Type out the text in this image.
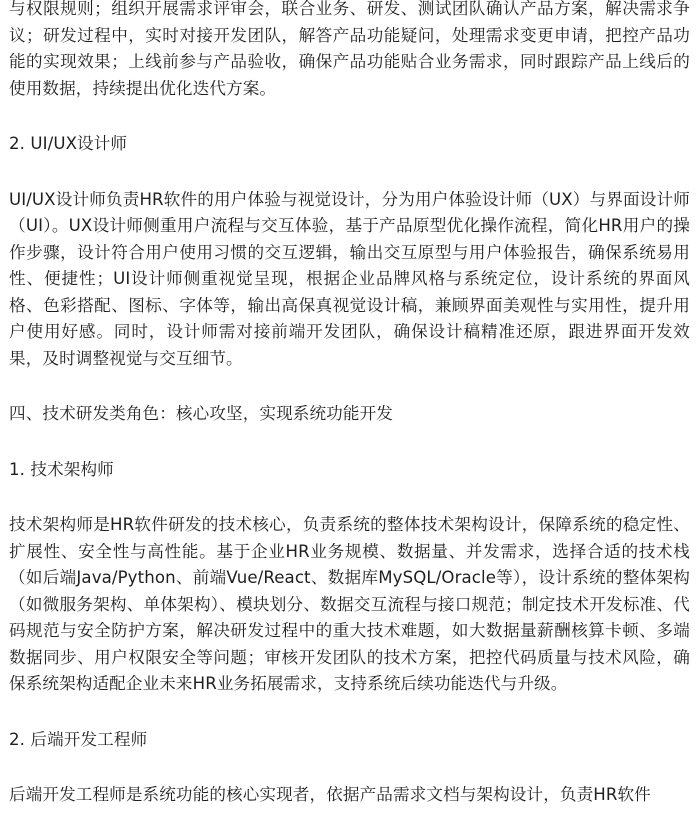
与权限规则；组织开展需求评审会，联合业务、研发、测试团队确认产品方案，解决需求争议；研发过程中，实时对接开发团队，解答产品功能疑问，处理需求变更申请，把控产品功能的实现效果；上线前参与产品验收，确保产品功能贴合业务需求，同时跟踪产品上线后的使用数据，持续提出优化迭代方案。

2. UI/UX设计师

UI/UX设计师负责HR软件的用户体验与视觉设计，分为用户体验设计师（UX）与界面设计师（UI）。UX设计师侧重用户流程与交互体验，基于产品原型优化操作流程，简化HR用户的操作步骤，设计符合用户使用习惯的交互逻辑，输出交互原型与用户体验报告，确保系统易用性、便捷性；UI设计师侧重视觉呈现，根据企业品牌风格与系统定位，设计系统的界面风格、色彩搭配、图标、字体等，输出高保真视觉设计稿，兼顾界面美观性与实用性，提升用户使用好感。同时，设计师需对接前端开发团队，确保设计稿精准还原，跟进界面开发效果，及时调整视觉与交互细节。

四、技术研发类角色：核心攻坚，实现系统功能开发

1. 技术架构师

技术架构师是HR软件研发的技术核心，负责系统的整体技术架构设计，保障系统的稳定性、扩展性、安全性与高性能。基于企业HR业务规模、数据量、并发需求，选择合适的技术栈（如后端Java/Python、前端Vue/React、数据库MySQL/Oracle等），设计系统的整体架构（如微服务架构、单体架构）、模块划分、数据交互流程与接口规范；制定技术开发标准、代码规范与安全防护方案，解决研发过程中的重大技术难题，如大数据量薪酬核算卡顿、多端数据同步、用户权限安全等问题；审核开发团队的技术方案，把控代码质量与技术风险，确保系统架构适配企业未来HR业务拓展需求，支持系统后续功能迭代与升级。

2. 后端开发工程师

后端开发工程师是系统功能的核心实现者，依据产品需求文档与架构设计，负责HR软件
